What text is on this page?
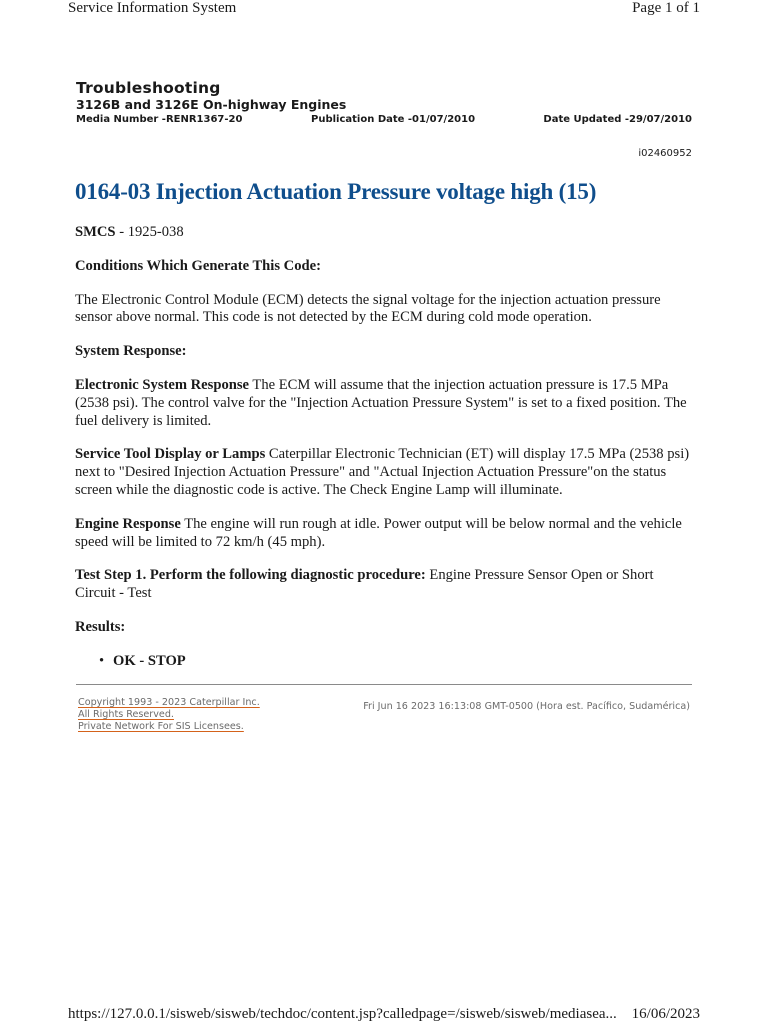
Service Information System	Page 1 of 1
Troubleshooting
3126B and 3126E On-highway Engines
Media Number -RENR1367-20	Publication Date -01/07/2010	Date Updated -29/07/2010
i02460952
0164-03 Injection Actuation Pressure voltage high (15)

SMCS - 1925-038

Conditions Which Generate This Code:

The Electronic Control Module (ECM) detects the signal voltage for the injection actuation pressure sensor above normal. This code is not detected by the ECM during cold mode operation.

System Response:

Electronic System Response The ECM will assume that the injection actuation pressure is 17.5 MPa (2538 psi). The control valve for the "Injection Actuation Pressure System" is set to a fixed position. The fuel delivery is limited.

Service Tool Display or Lamps Caterpillar Electronic Technician (ET) will display 17.5 MPa (2538 psi) next to "Desired Injection Actuation Pressure" and "Actual Injection Actuation Pressure"on the status screen while the diagnostic code is active. The Check Engine Lamp will illuminate.

Engine Response The engine will run rough at idle. Power output will be below normal and the vehicle speed will be limited to 72 km/h (45 mph).

Test Step 1. Perform the following diagnostic procedure: Engine Pressure Sensor Open or Short Circuit - Test

Results:

• OK - STOP
Copyright 1993 - 2023 Caterpillar Inc.
All Rights Reserved.
Private Network For SIS Licensees.
Fri Jun 16 2023 16:13:08 GMT-0500 (Hora est. Pacífico, Sudamérica)
https://127.0.0.1/sisweb/sisweb/techdoc/content.jsp?calledpage=/sisweb/sisweb/mediasea... 16/06/2023
